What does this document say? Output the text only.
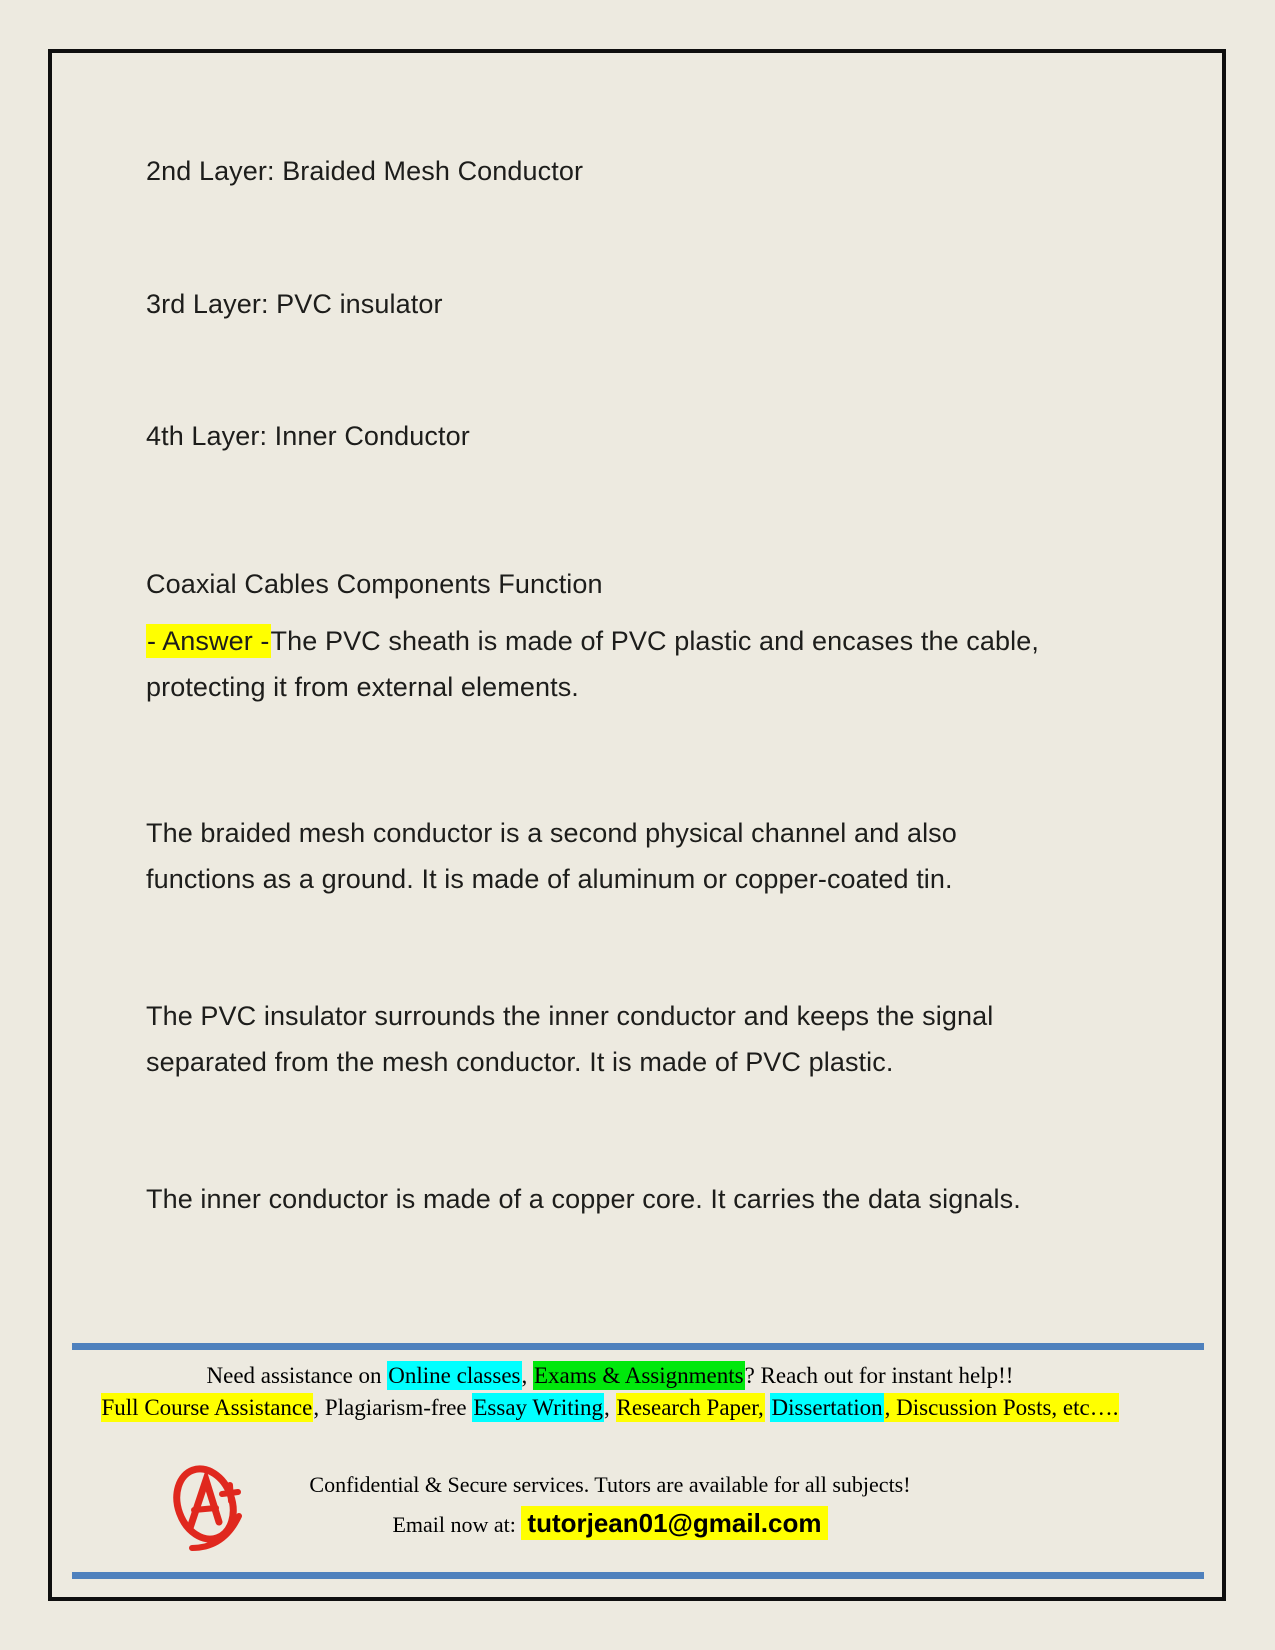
2nd Layer: Braided Mesh Conductor
3rd Layer: PVC insulator
4th Layer: Inner Conductor
Coaxial Cables Components Function
- Answer -The PVC sheath is made of PVC plastic and encases the cable,
protecting it from external elements.
The braided mesh conductor is a second physical channel and also
functions as a ground. It is made of aluminum or copper-coated tin.
The PVC insulator surrounds the inner conductor and keeps the signal
separated from the mesh conductor. It is made of PVC plastic.
The inner conductor is made of a copper core. It carries the data signals.
Need assistance on Online classes, Exams & Assignments? Reach out for instant help!!
Full Course Assistance, Plagiarism-free Essay Writing, Research Paper, Dissertation, Discussion Posts, etc….
Confidential & Secure services. Tutors are available for all subjects!
Email now at: tutorjean01@gmail.com
